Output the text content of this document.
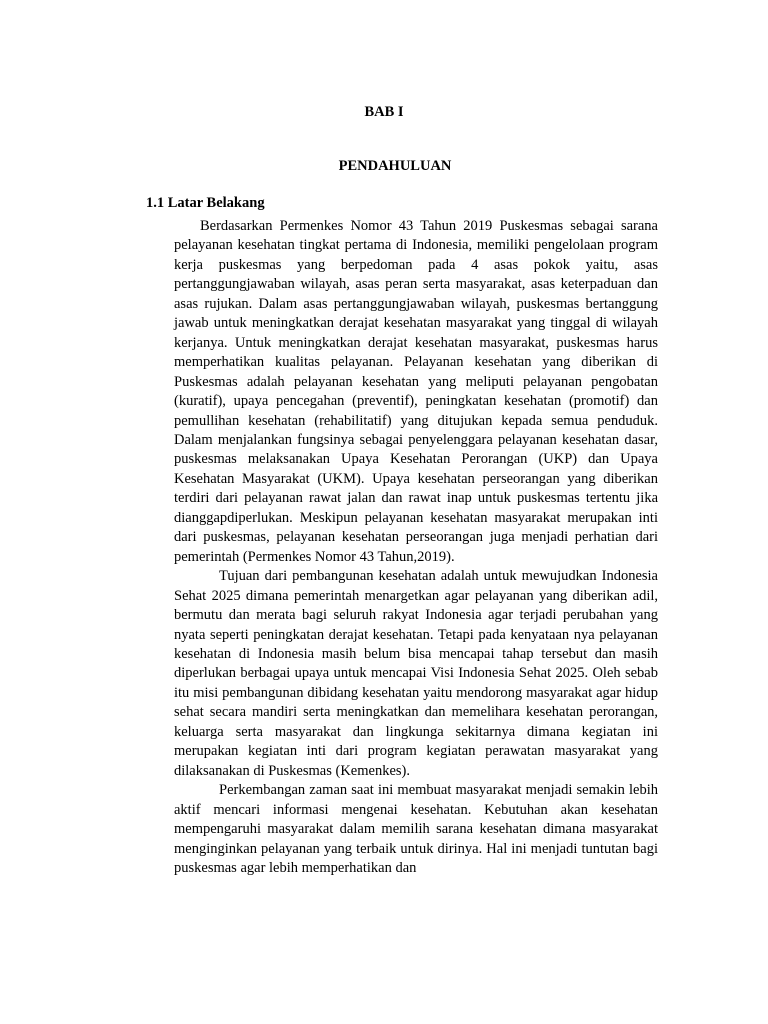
BAB I
PENDAHULUAN
1.1 Latar Belakang

Berdasarkan Permenkes Nomor 43 Tahun 2019 Puskesmas sebagai sarana pelayanan kesehatan tingkat pertama di Indonesia, memiliki pengelolaan program kerja puskesmas yang berpedoman pada 4 asas pokok yaitu, asas pertanggungjawaban wilayah, asas peran serta masyarakat, asas keterpaduan dan asas rujukan. Dalam asas pertanggungjawaban wilayah, puskesmas bertanggung jawab untuk meningkatkan derajat kesehatan masyarakat yang tinggal di wilayah kerjanya. Untuk meningkatkan derajat kesehatan masyarakat, puskesmas harus memperhatikan kualitas pelayanan. Pelayanan kesehatan yang diberikan di Puskesmas adalah pelayanan kesehatan yang meliputi pelayanan pengobatan (kuratif), upaya pencegahan (preventif), peningkatan kesehatan (promotif) dan pemullihan kesehatan (rehabilitatif) yang ditujukan kepada semua penduduk. Dalam menjalankan fungsinya sebagai penyelenggara pelayanan kesehatan dasar, puskesmas melaksanakan Upaya Kesehatan Perorangan (UKP) dan Upaya Kesehatan Masyarakat (UKM). Upaya kesehatan perseorangan yang diberikan terdiri dari pelayanan rawat jalan dan rawat inap untuk puskesmas tertentu jika dianggapdiperlukan. Meskipun pelayanan kesehatan masyarakat merupakan inti dari puskesmas, pelayanan kesehatan perseorangan juga menjadi perhatian dari pemerintah (Permenkes Nomor 43 Tahun,2019).

Tujuan dari pembangunan kesehatan adalah untuk mewujudkan Indonesia Sehat 2025 dimana pemerintah menargetkan agar pelayanan yang diberikan adil, bermutu dan merata bagi seluruh rakyat Indonesia agar terjadi perubahan yang nyata seperti peningkatan derajat kesehatan. Tetapi pada kenyataan nya pelayanan kesehatan di Indonesia masih belum bisa mencapai tahap tersebut dan masih diperlukan berbagai upaya untuk mencapai Visi Indonesia Sehat 2025. Oleh sebab itu misi pembangunan dibidang kesehatan yaitu mendorong masyarakat agar hidup sehat secara mandiri serta meningkatkan dan memelihara kesehatan perorangan, keluarga serta masyarakat dan lingkunga sekitarnya dimana kegiatan ini merupakan kegiatan inti dari program kegiatan perawatan masyarakat yang dilaksanakan di Puskesmas (Kemenkes).

Perkembangan zaman saat ini membuat masyarakat menjadi semakin lebih aktif mencari informasi mengenai kesehatan. Kebutuhan akan kesehatan mempengaruhi masyarakat dalam memilih sarana kesehatan dimana masyarakat menginginkan pelayanan yang terbaik untuk dirinya. Hal ini menjadi tuntutan bagi puskesmas agar lebih memperhatikan dan
